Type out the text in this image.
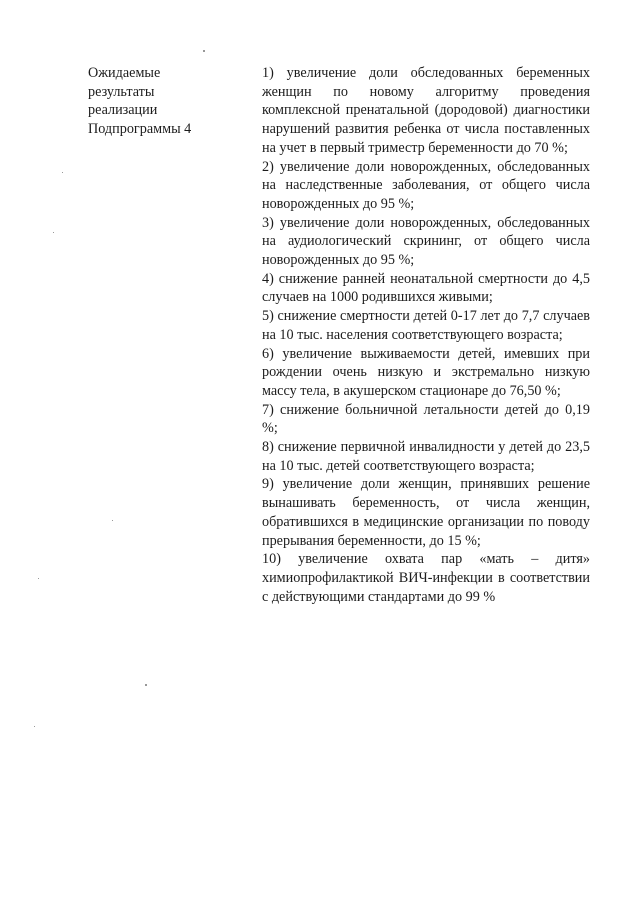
Ожидаемые
результаты
реализации
Подпрограммы 4

1) увеличение доли обследованных беременных женщин по новому алгоритму проведения комплексной пренатальной (дородовой) диагностики нарушений развития ребенка от числа поставленных на учет в первый триместр беременности до 70 %;

2) увеличение доли новорожденных, обследованных на наследственные заболевания, от общего числа новорожденных до 95 %;

3) увеличение доли новорожденных, обследованных на аудиологический скрининг, от общего числа новорожденных до 95 %;

4) снижение ранней неонатальной смертности до 4,5 случаев на 1000 родившихся живыми;

5) снижение смертности детей 0-17 лет до 7,7 случаев на 10 тыс. населения соответствующего возраста;

6) увеличение выживаемости детей, имевших при рождении очень низкую и экстремально низкую массу тела, в акушерском стационаре до 76,50 %;

7) снижение больничной летальности детей до 0,19 %;

8) снижение первичной инвалидности у детей до 23,5 на 10 тыс. детей соответствующего возраста;

9) увеличение доли женщин, принявших решение вынашивать беременность, от числа женщин, обратившихся в медицинские организации по поводу прерывания беременности, до 15 %;

10) увеличение охвата пар «мать – дитя» химиопрофилактикой ВИЧ-инфекции в соответствии с действующими стандартами до 99 %
